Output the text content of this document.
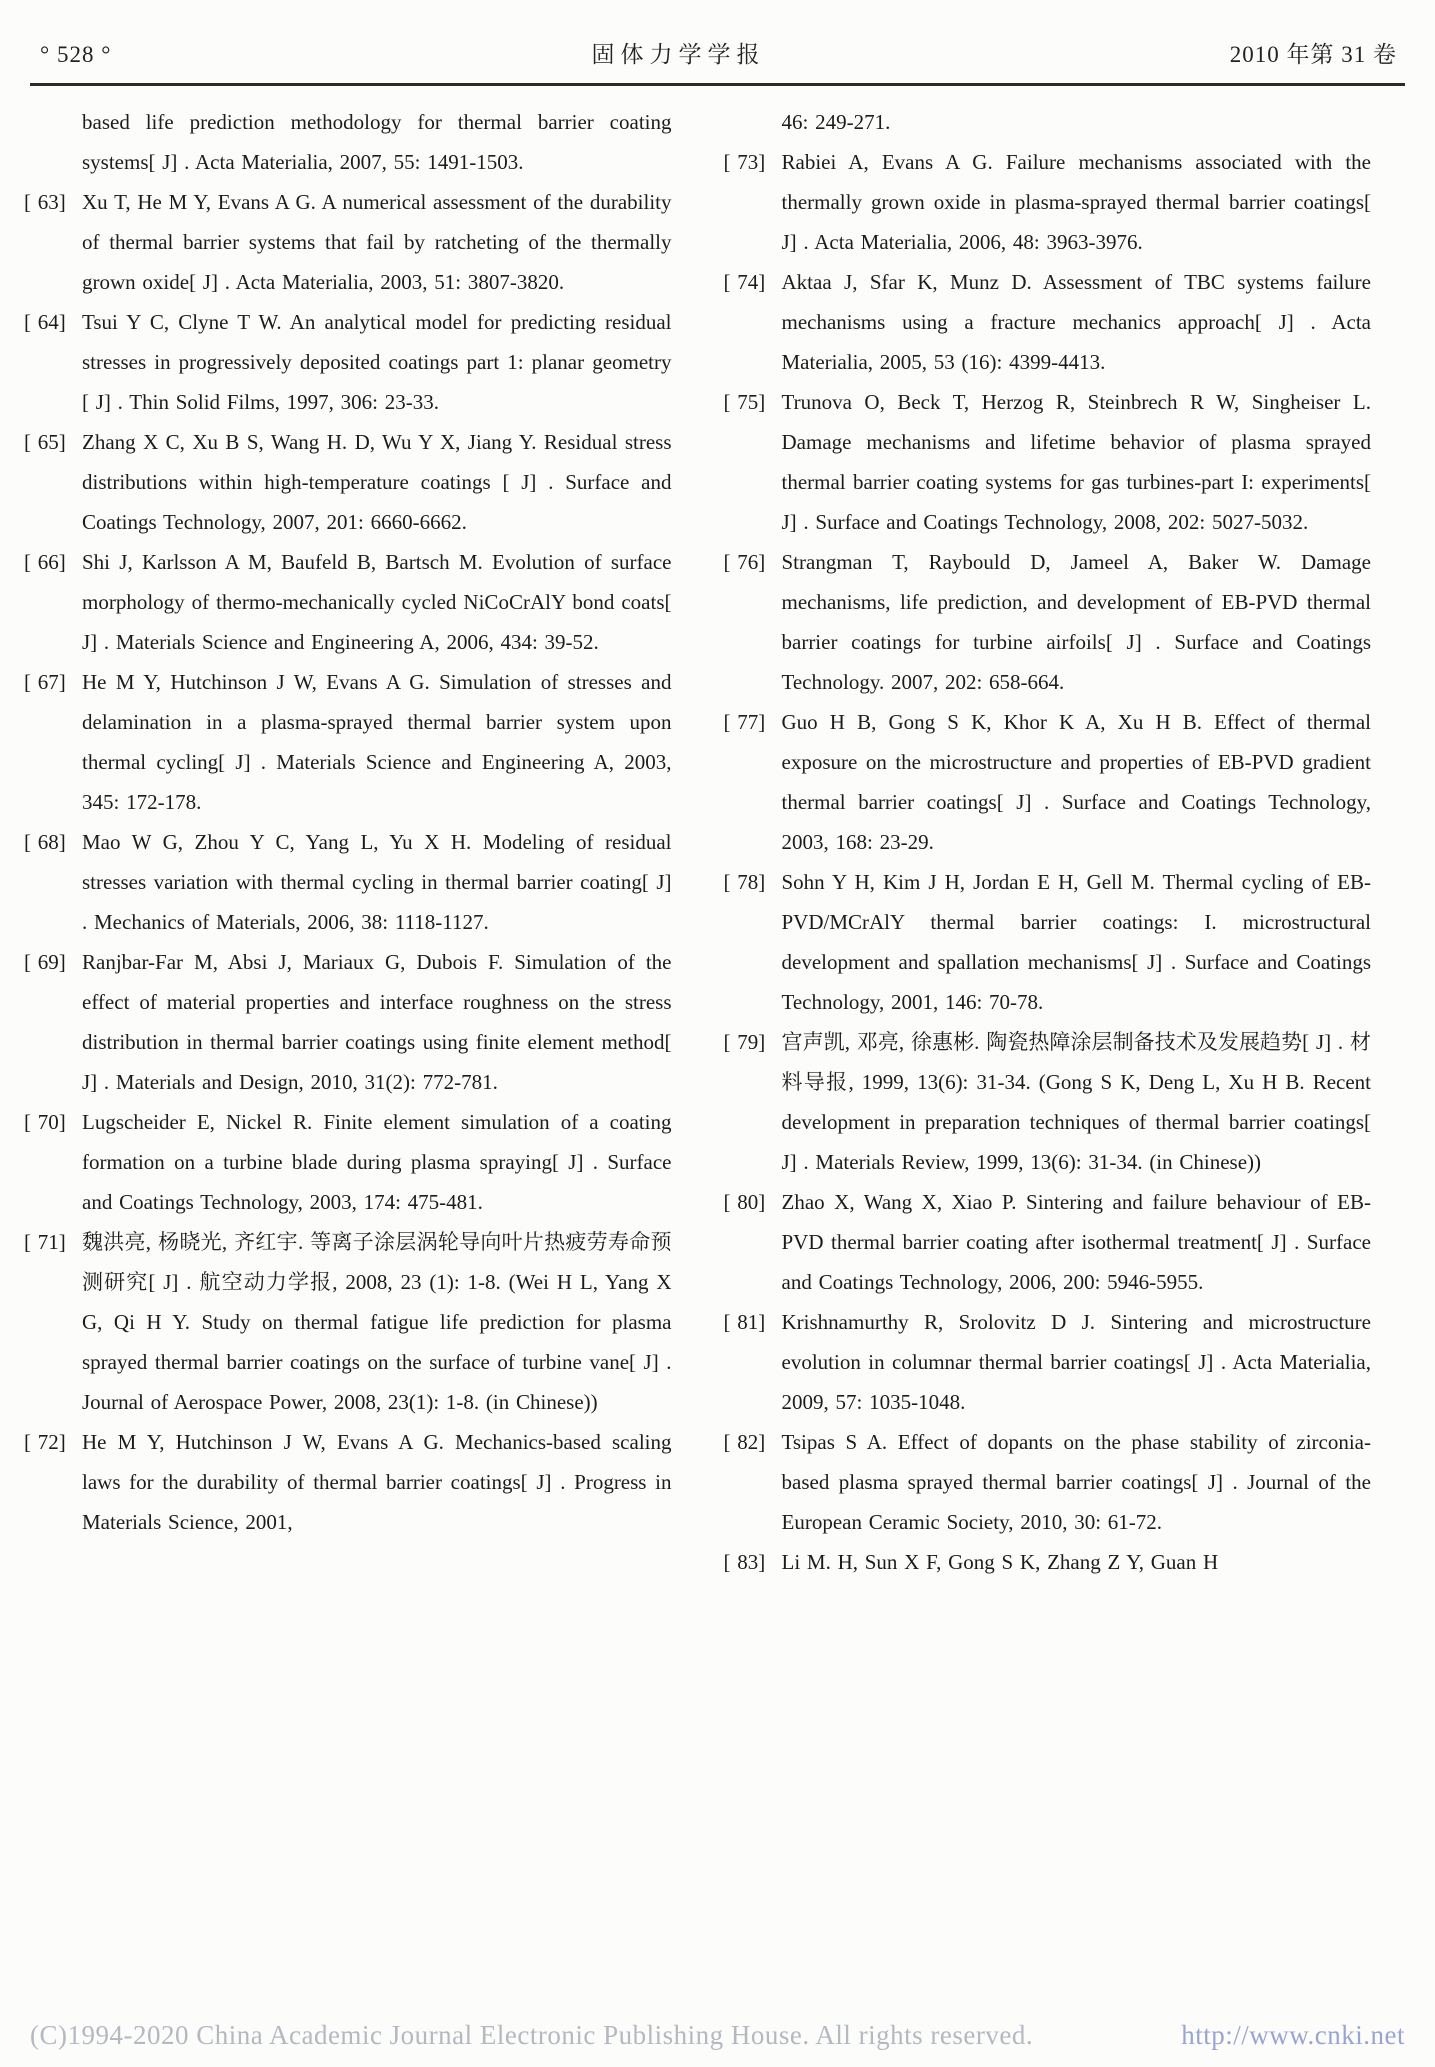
° 528 °	固体力学学报	2010 年第 31 卷
based life prediction methodology for thermal barrier coating systems[ J] . Acta Materialia, 2007, 55: 1491-1503.
[ 63] Xu T, He M Y, Evans A G. A numerical assessment of the durability of thermal barrier systems that fail by ratcheting of the thermally grown oxide[ J] . Acta Materialia, 2003, 51: 3807-3820.
[ 64] Tsui Y C, Clyne T W. An analytical model for predicting residual stresses in progressively deposited coatings part 1: planar geometry [ J] . Thin Solid Films, 1997, 306: 23-33.
[ 65] Zhang X C, Xu B S, Wang H. D, Wu Y X, Jiang Y. Residual stress distributions within high-temperature coatings [ J] . Surface and Coatings Technology, 2007, 201: 6660-6662.
[ 66] Shi J, Karlsson A M, Baufeld B, Bartsch M. Evolution of surface morphology of thermo-mechanically cycled NiCoCrAlY bond coats[ J] . Materials Science and Engineering A, 2006, 434: 39-52.
[ 67] He M Y, Hutchinson J W, Evans A G. Simulation of stresses and delamination in a plasma-sprayed thermal barrier system upon thermal cycling[ J] . Materials Science and Engineering A, 2003, 345: 172-178.
[ 68] Mao W G, Zhou Y C, Yang L, Yu X H. Modeling of residual stresses variation with thermal cycling in thermal barrier coating[ J] . Mechanics of Materials, 2006, 38: 1118-1127.
[ 69] Ranjbar-Far M, Absi J, Mariaux G, Dubois F. Simulation of the effect of material properties and interface roughness on the stress distribution in thermal barrier coatings using finite element method[ J] . Materials and Design, 2010, 31(2): 772-781.
[ 70] Lugscheider E, Nickel R. Finite element simulation of a coating formation on a turbine blade during plasma spraying[ J] . Surface and Coatings Technology, 2003, 174: 475-481.
[ 71] 魏洪亮, 杨晓光, 齐红宇. 等离子涂层涡轮导向叶片热疲劳寿命预测研究[ J] . 航空动力学报, 2008, 23 (1): 1-8. (Wei H L, Yang X G, Qi H Y. Study on thermal fatigue life prediction for plasma sprayed thermal barrier coatings on the surface of turbine vane[ J] . Journal of Aerospace Power, 2008, 23(1): 1-8. (in Chinese))
[ 72] He M Y, Hutchinson J W, Evans A G. Mechanics-based scaling laws for the durability of thermal barrier coatings[ J] . Progress in Materials Science, 2001,
46: 249-271.
[ 73] Rabiei A, Evans A G. Failure mechanisms associated with the thermally grown oxide in plasma-sprayed thermal barrier coatings[ J] . Acta Materialia, 2006, 48: 3963-3976.
[ 74] Aktaa J, Sfar K, Munz D. Assessment of TBC systems failure mechanisms using a fracture mechanics approach[ J] . Acta Materialia, 2005, 53 (16): 4399-4413.
[ 75] Trunova O, Beck T, Herzog R, Steinbrech R W, Singheiser L. Damage mechanisms and lifetime behavior of plasma sprayed thermal barrier coating systems for gas turbines-part I: experiments[ J] . Surface and Coatings Technology, 2008, 202: 5027-5032.
[ 76] Strangman T, Raybould D, Jameel A, Baker W. Damage mechanisms, life prediction, and development of EB-PVD thermal barrier coatings for turbine airfoils[ J] . Surface and Coatings Technology. 2007, 202: 658-664.
[ 77] Guo H B, Gong S K, Khor K A, Xu H B. Effect of thermal exposure on the microstructure and properties of EB-PVD gradient thermal barrier coatings[ J] . Surface and Coatings Technology, 2003, 168: 23-29.
[ 78] Sohn Y H, Kim J H, Jordan E H, Gell M. Thermal cycling of EB-PVD/MCrAlY thermal barrier coatings: I. microstructural development and spallation mechanisms[ J] . Surface and Coatings Technology, 2001, 146: 70-78.
[ 79] 宫声凯, 邓亮, 徐惠彬. 陶瓷热障涂层制备技术及发展趋势[ J] . 材料导报, 1999, 13(6): 31-34. (Gong S K, Deng L, Xu H B. Recent development in preparation techniques of thermal barrier coatings[ J] . Materials Review, 1999, 13(6): 31-34. (in Chinese))
[ 80] Zhao X, Wang X, Xiao P. Sintering and failure behaviour of EB-PVD thermal barrier coating after isothermal treatment[ J] . Surface and Coatings Technology, 2006, 200: 5946-5955.
[ 81] Krishnamurthy R, Srolovitz D J. Sintering and microstructure evolution in columnar thermal barrier coatings[ J] . Acta Materialia, 2009, 57: 1035-1048.
[ 82] Tsipas S A. Effect of dopants on the phase stability of zirconia-based plasma sprayed thermal barrier coatings[ J] . Journal of the European Ceramic Society, 2010, 30: 61-72.
[ 83] Li M. H, Sun X F, Gong S K, Zhang Z Y, Guan H
(C)1994-2020 China Academic Journal Electronic Publishing House. All rights reserved.	http://www.cnki.net
